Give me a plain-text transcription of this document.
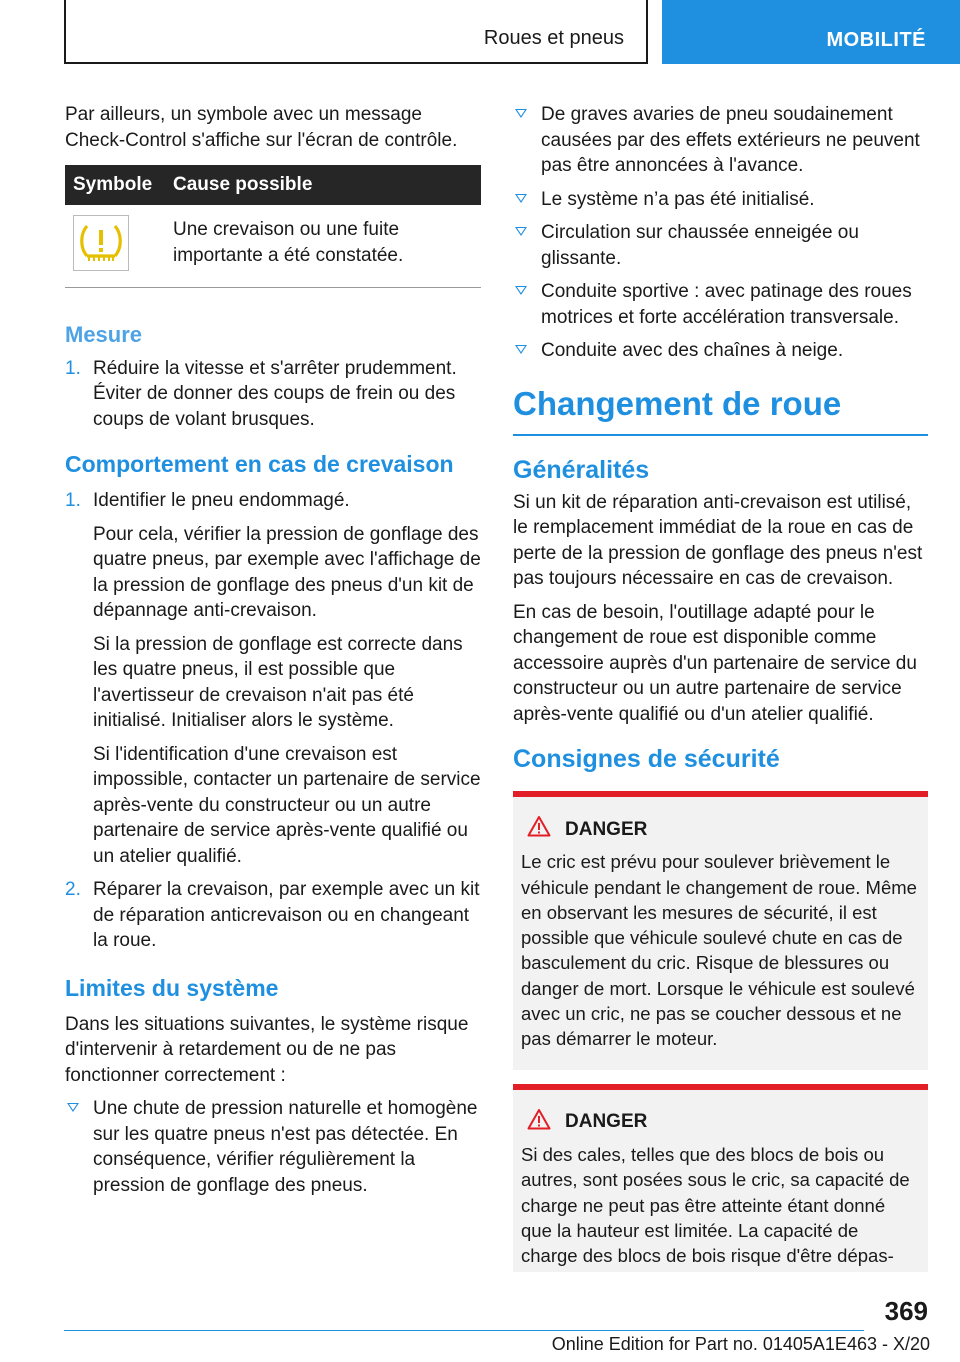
Roues et pneus	MOBILITÉ

Par ailleurs, un symbole avec un message Check-Control s'affiche sur l'écran de contrôle.

Symbole	Cause possible

	Une crevaison ou une fuite importante a été constatée.
Mesure
1. Réduire la vitesse et s'arrêter prudemment. Éviter de donner des coups de frein ou des coups de volant brusques.
Comportement en cas de crevaison
1. Identifier le pneu endommagé.
Pour cela, vérifier la pression de gonflage des quatre pneus, par exemple avec l'affichage de la pression de gonflage des pneus d'un kit de dépannage anti-crevaison.
Si la pression de gonflage est correcte dans les quatre pneus, il est possible que l'avertisseur de crevaison n'ait pas été initialisé. Initialiser alors le système.
Si l'identification d'une crevaison est impossible, contacter un partenaire de service après-vente du constructeur ou un autre partenaire de service après-vente qualifié ou un atelier qualifié.
2. Réparer la crevaison, par exemple avec un kit de réparation anticrevaison ou en changeant la roue.
Limites du système

Dans les situations suivantes, le système risque d'intervenir à retardement ou de ne pas fonctionner correctement :

Une chute de pression naturelle et homogène sur les quatre pneus n'est pas détectée. En conséquence, vérifier régulièrement la pression de gonflage des pneus.
De graves avaries de pneu soudainement causées par des effets extérieurs ne peuvent pas être annoncées à l'avance.
Le système n’a pas été initialisé.
Circulation sur chaussée enneigée ou glissante.
Conduite sportive : avec patinage des roues motrices et forte accélération transversale.
Conduite avec des chaînes à neige.
Changement de roue
Généralités

Si un kit de réparation anti-crevaison est utilisé, le remplacement immédiat de la roue en cas de perte de la pression de gonflage des pneus n'est pas toujours nécessaire en cas de crevaison.

En cas de besoin, l'outillage adapté pour le changement de roue est disponible comme accessoire auprès d'un partenaire de service du constructeur ou un autre partenaire de service après-vente qualifié ou d'un atelier qualifié.

Consignes de sécurité
DANGER
Le cric est prévu pour soulever brièvement le véhicule pendant le changement de roue. Même en observant les mesures de sécurité, il est possible que véhicule soulevé chute en cas de basculement du cric. Risque de blessures ou danger de mort. Lorsque le véhicule est soulevé avec un cric, ne pas se coucher dessous et ne pas démarrer le moteur.
DANGER
Si des cales, telles que des blocs de bois ou autres, sont posées sous le cric, sa capacité de charge ne peut pas être atteinte étant donné que la hauteur est limitée. La capacité de charge des blocs de bois risque d'être dépas-
369
Online Edition for Part no. 01405A1E463 - X/20
